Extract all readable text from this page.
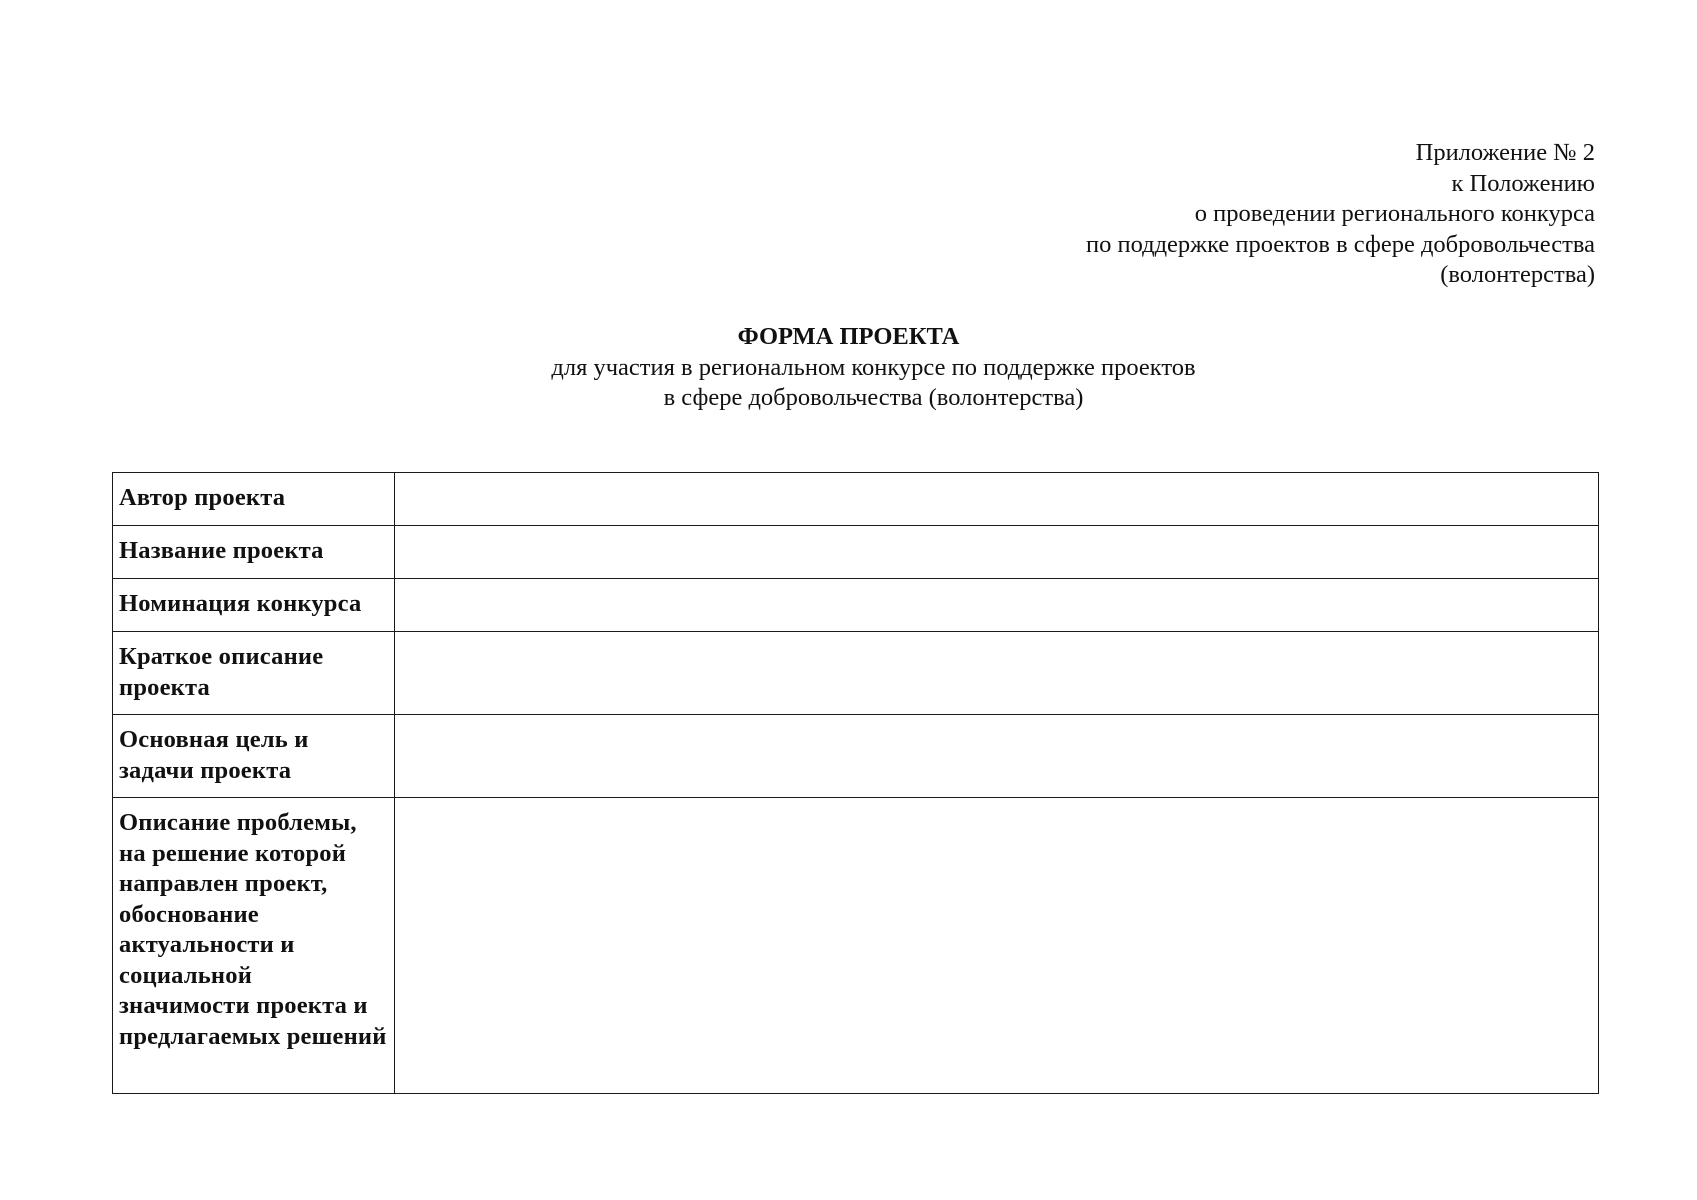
Приложение № 2
к Положению
о проведении регионального конкурса
по поддержке проектов в сфере добровольчества
(волонтерства)
ФОРМА ПРОЕКТА
для участия в региональном конкурсе по поддержке проектов
в сфере добровольчества (волонтерства)
Автор проекта	
Название проекта	
Номинация конкурса	
Краткое описание проекта	
Основная цель и задачи проекта	
Описание проблемы, на решение которой направлен проект, обоснование актуальности и социальной значимости проекта и предлагаемых решений	
